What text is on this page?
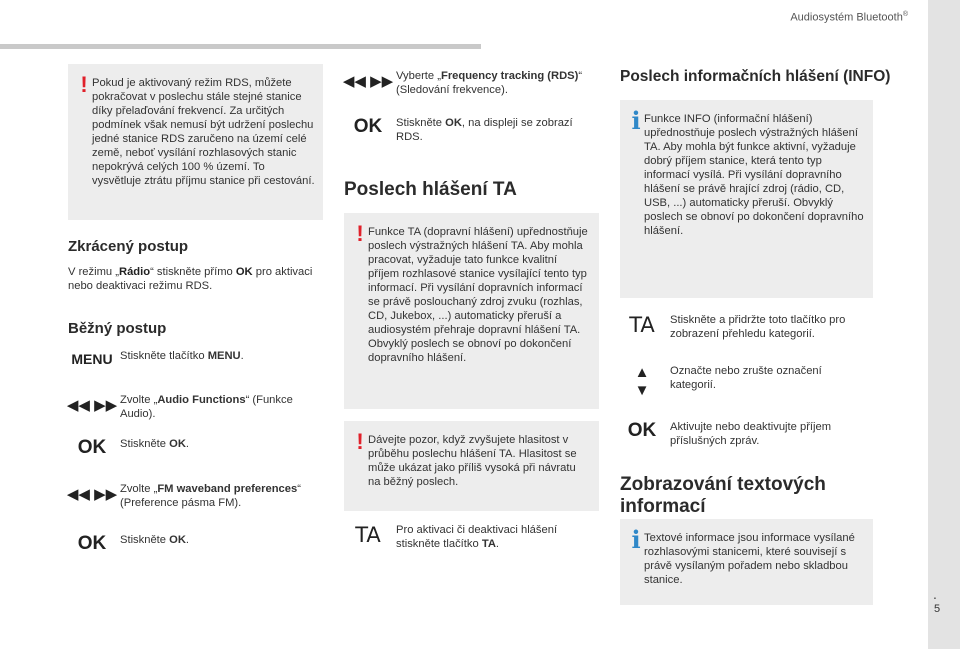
Audiosystém Bluetooth®
.
5
! Pokud je aktivovaný režim RDS, můžete pokračovat v poslechu stále stejné stanice díky přelaďování frekvencí. Za určitých podmínek však nemusí být udržení poslechu jedné stanice RDS zaručeno na území celé země, neboť vysílání rozhlasových stanic nepokrývá celých 100 % území. To vysvětluje ztrátu příjmu stanice při cestování.
Zkrácený postup
V režimu „Rádio“ stiskněte přímo OK pro aktivaci nebo deaktivaci režimu RDS.
Běžný postup
MENU Stiskněte tlačítko MENU.
◀◀ ▶▶ Zvolte „Audio Functions“ (Funkce Audio).
OK	Stiskněte OK.
◀◀ ▶▶ Zvolte „FM waveband preferences“ (Preference pásma FM).
OK	Stiskněte OK.
◀◀ ▶▶ Vyberte „Frequency tracking (RDS)“ (Sledování frekvence).
OK	Stiskněte OK, na displeji se zobrazí RDS.
Poslech hlášení TA
! Funkce TA (dopravní hlášení) upřednostňuje poslech výstražných hlášení TA. Aby mohla pracovat, vyžaduje tato funkce kvalitní příjem rozhlasové stanice vysílající tento typ informací. Při vysílání dopravních informací se právě poslouchaný zdroj zvuku (rozhlas, CD, Jukebox, ...) automaticky přeruší a audiosystém přehraje dopravní hlášení TA. Obvyklý poslech se obnoví po dokončení dopravního hlášení.
! Dávejte pozor, když zvyšujete hlasitost v průběhu poslechu hlášení TA. Hlasitost se může ukázat jako příliš vysoká při návratu na běžný poslech.
TA	Pro aktivaci či deaktivaci hlášení stiskněte tlačítko TA.
Poslech informačních hlášení (INFO)
i Funkce INFO (informační hlášení) upřednostňuje poslech výstražných hlášení TA. Aby mohla být funkce aktivní, vyžaduje dobrý příjem stanice, která tento typ informací vysílá. Při vysílání dopravního hlášení se právě hrající zdroj (rádio, CD, USB, ...) automaticky přeruší. Obvyklý poslech se obnoví po dokončení dopravního hlášení.
TA	Stiskněte a přidržte toto tlačítko pro zobrazení přehledu kategorií.
▲
▼
Označte nebo zrušte označení kategorií.
OK	Aktivujte nebo deaktivujte příjem příslušných zpráv.
Zobrazování textových
informací
i Textové informace jsou informace vysílané rozhlasovými stanicemi, které souvisejí s právě vysílaným pořadem nebo skladbou stanice.
